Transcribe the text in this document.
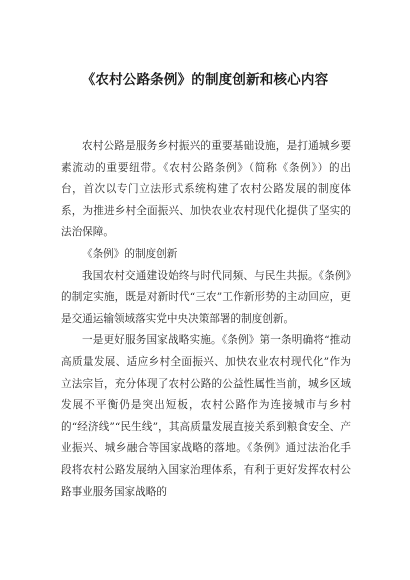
《农村公路条例》的制度创新和核心内容

农村公路是服务乡村振兴的重要基础设施，是打通城乡要素流动的重要纽带。《农村公路条例》（简称《条例》）的出台，首次以专门立法形式系统构建了农村公路发展的制度体系，为推进乡村全面振兴、加快农业农村现代化提供了坚实的法治保障。

《条例》的制度创新

我国农村交通建设始终与时代同频、与民生共振。《条例》的制定实施，既是对新时代“三农”工作新形势的主动回应，更是交通运输领域落实党中央决策部署的制度创新。

一是更好服务国家战略实施。《条例》第一条明确将“推动高质量发展、适应乡村全面振兴、加快农业农村现代化”作为立法宗旨，充分体现了农村公路的公益性属性当前，城乡区域发展不平衡仍是突出短板，农村公路作为连接城市与乡村的“经济线”“民生线”，其高质量发展直接关系到粮食安全、产业振兴、城乡融合等国家战略的落地。《条例》通过法治化手段将农村公路发展纳入国家治理体系，有利于更好发挥农村公路事业服务国家战略的
